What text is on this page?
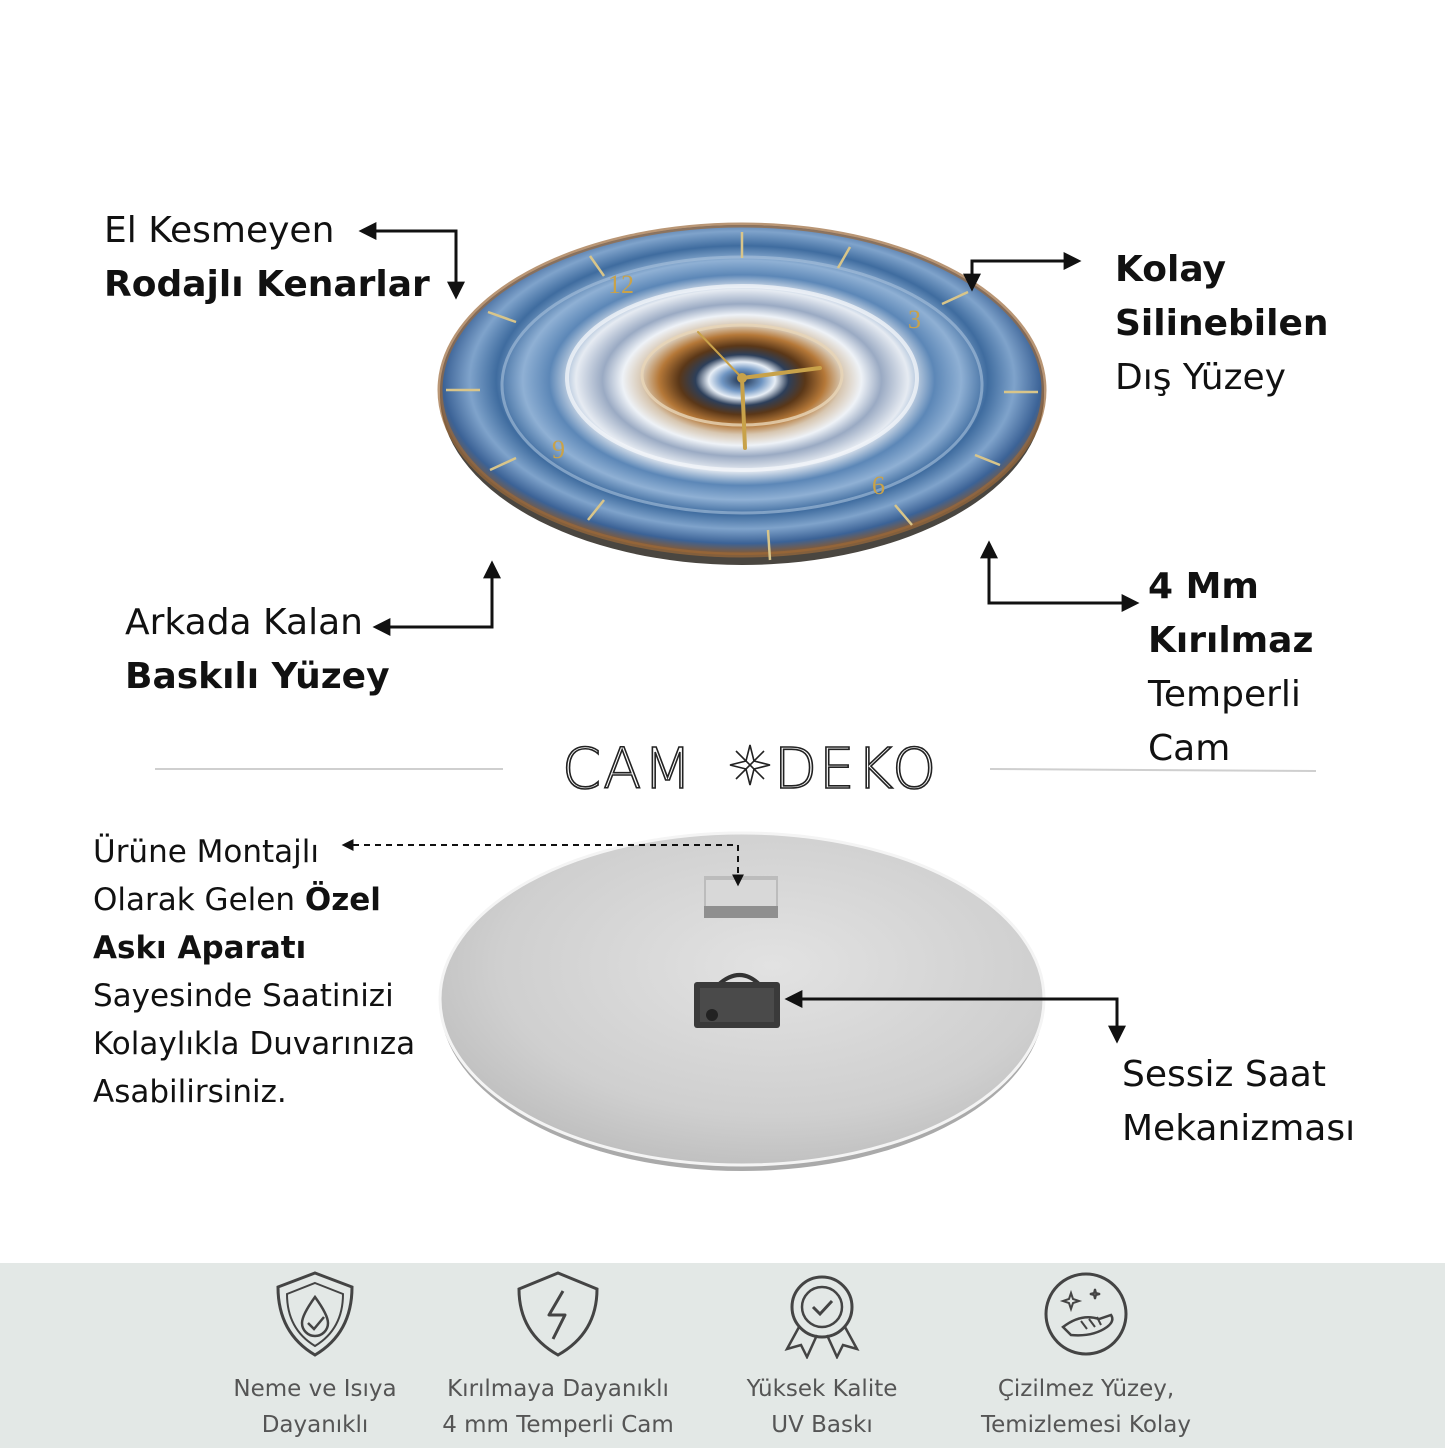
12
3
6
9
CAM DEKO
El Kesmeyen
Rodajlı Kenarlar	Kolay
Silinebilen
Dış Yüzey
Arkada Kalan
Baskılı Yüzey
4 Mm
Kırılmaz
Temperli
Cam
Ürüne Montajlı
Olarak Gelen Özel
Askı Aparatı
Sayesinde Saatinizi
Kolaylıkla Duvarınıza
Asabilirsiniz.	Sessiz Saat
Mekanizması
Neme ve Isıya
Dayanıklı
Kırılmaya Dayanıklı
4 mm Temperli Cam
Yüksek Kalite
UV Baskı
Çizilmez Yüzey,
Temizlemesi Kolay
